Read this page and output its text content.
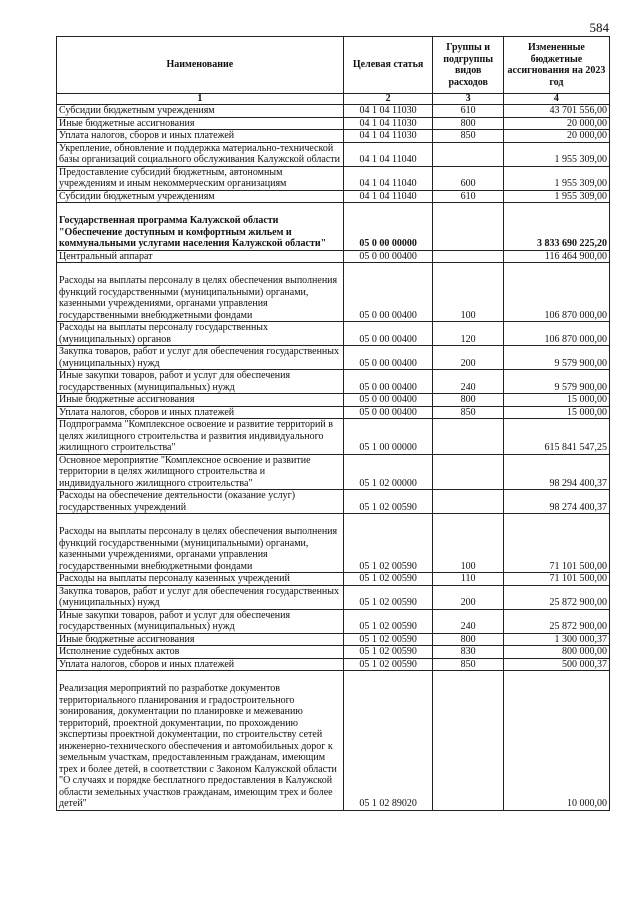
584
Наименование	Целевая статья	Группы и подгруппы видов расходов	Измененные бюджетные ассигнования на 2023 год
1	2	3	4
Субсидии бюджетным учреждениям	04 1 04 11030	610	43 701 556,00
Иные бюджетные ассигнования	04 1 04 11030	800	20 000,00
Уплата налогов, сборов и иных платежей	04 1 04 11030	850	20 000,00
Укрепление, обновление и поддержка материально-технической базы организаций социального обслуживания Калужской области	04 1 04 11040		1 955 309,00
Предоставление субсидий бюджетным, автономным учреждениям и иным некоммерческим организациям	04 1 04 11040	600	1 955 309,00
Субсидии бюджетным учреждениям	04 1 04 11040	610	1 955 309,00
Государственная программа Калужской области "Обеспечение доступным и комфортным жильем и коммунальными услугами населения Калужской области"	05 0 00 00000		3 833 690 225,20
Центральный аппарат	05 0 00 00400		116 464 900,00
Расходы на выплаты персоналу в целях обеспечения выполнения функций государственными (муниципальными) органами, казенными учреждениями, органами управления государственными внебюджетными фондами	05 0 00 00400	100	106 870 000,00
Расходы на выплаты персоналу государственных (муниципальных) органов	05 0 00 00400	120	106 870 000,00
Закупка товаров, работ и услуг для обеспечения государственных (муниципальных) нужд	05 0 00 00400	200	9 579 900,00
Иные закупки товаров, работ и услуг для обеспечения государственных (муниципальных) нужд	05 0 00 00400	240	9 579 900,00
Иные бюджетные ассигнования	05 0 00 00400	800	15 000,00
Уплата налогов, сборов и иных платежей	05 0 00 00400	850	15 000,00
Подпрограмма "Комплексное освоение и развитие территорий в целях жилищного строительства и развития индивидуального жилищного строительства"	05 1 00 00000		615 841 547,25
Основное мероприятие "Комплексное освоение и развитие территории в целях жилищного строительства и индивидуального жилищного строительства"	05 1 02 00000		98 294 400,37
Расходы на обеспечение деятельности (оказание услуг) государственных учреждений	05 1 02 00590		98 274 400,37
Расходы на выплаты персоналу в целях обеспечения выполнения функций государственными (муниципальными) органами, казенными учреждениями, органами управления государственными внебюджетными фондами	05 1 02 00590	100	71 101 500,00
Расходы на выплаты персоналу казенных учреждений	05 1 02 00590	110	71 101 500,00
Закупка товаров, работ и услуг для обеспечения государственных (муниципальных) нужд	05 1 02 00590	200	25 872 900,00
Иные закупки товаров, работ и услуг для обеспечения государственных (муниципальных) нужд	05 1 02 00590	240	25 872 900,00
Иные бюджетные ассигнования	05 1 02 00590	800	1 300 000,37
Исполнение судебных актов	05 1 02 00590	830	800 000,00
Уплата налогов, сборов и иных платежей	05 1 02 00590	850	500 000,37
Реализация мероприятий по разработке документов территориального планирования и градостроительного зонирования, документации по планировке и межеванию территорий, проектной документации, по прохождению экспертизы проектной документации, по строительству сетей инженерно-технического обеспечения и автомобильных дорог к земельным участкам, предоставленным гражданам, имеющим трех и более детей, в соответствии с Законом Калужской области "О случаях и порядке бесплатного предоставления в Калужской области земельных участков гражданам, имеющим трех и более детей"	05 1 02 89020		10 000,00
